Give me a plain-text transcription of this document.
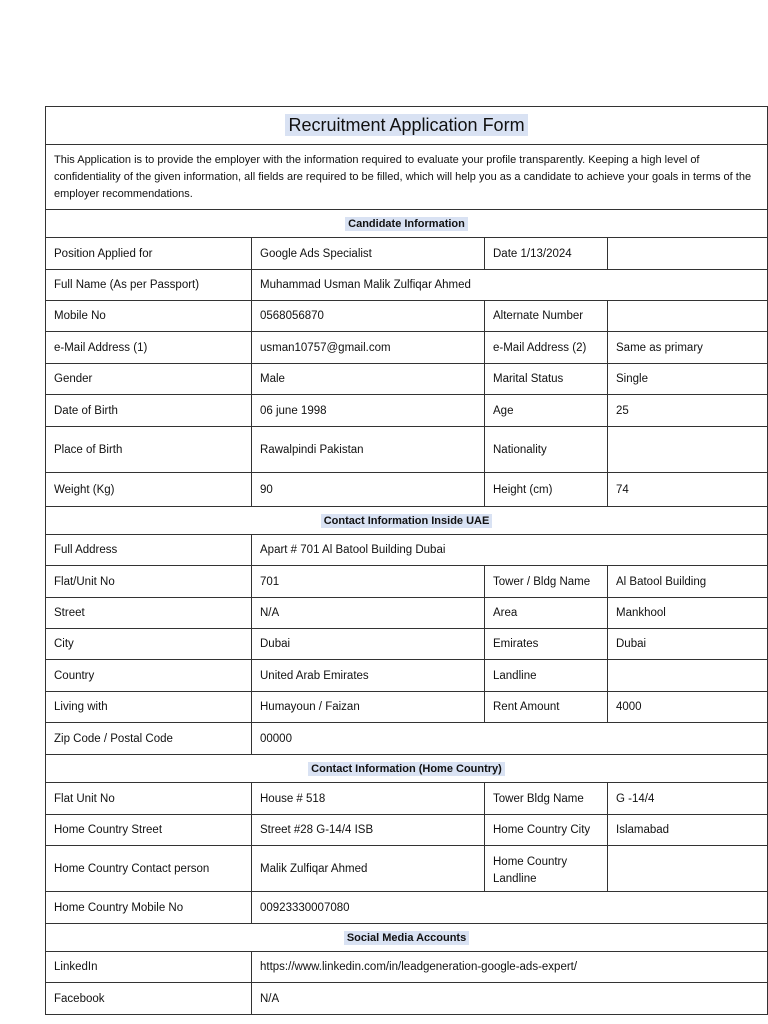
Recruitment Application Form			
This Application is to provide the employer with the information required to evaluate your profile transparently. Keeping a high level of confidentiality of the given information, all fields are required to be filled, which will help you as a candidate to achieve your goals in terms of the employer recommendations.			
Candidate Information			
Position Applied for	Google Ads Specialist	Date 1/13/2024	
Full Name (As per Passport)	Muhammad Usman Malik Zulfiqar Ahmed		
Mobile No	0568056870	Alternate Number	
e-Mail Address (1)	usman10757@gmail.com	e-Mail Address (2)	Same as primary
Gender	Male	Marital Status	Single
Date of Birth	06 june 1998	Age	25
Place of Birth	Rawalpindi Pakistan	Nationality	
Weight (Kg)	90	Height (cm)	74
Contact Information Inside UAE			
Full Address	Apart # 701 Al Batool Building Dubai		
Flat/Unit No	701	Tower / Bldg Name	Al Batool Building
Street	N/A	Area	Mankhool
City	Dubai	Emirates	Dubai
Country	United Arab Emirates	Landline	
Living with	Humayoun / Faizan	Rent Amount	4000
Zip Code / Postal Code	00000		
Contact Information (Home Country)			
Flat Unit No	House # 518	Tower Bldg Name	G -14/4
Home Country Street	Street #28 G-14/4 ISB	Home Country City	Islamabad
Home Country Contact person	Malik Zulfiqar Ahmed	Home Country Landline	
Home Country Mobile No	00923330007080		
Social Media Accounts			
LinkedIn	https://www.linkedin.com/in/leadgeneration-google-ads-expert/		
Facebook	N/A		
